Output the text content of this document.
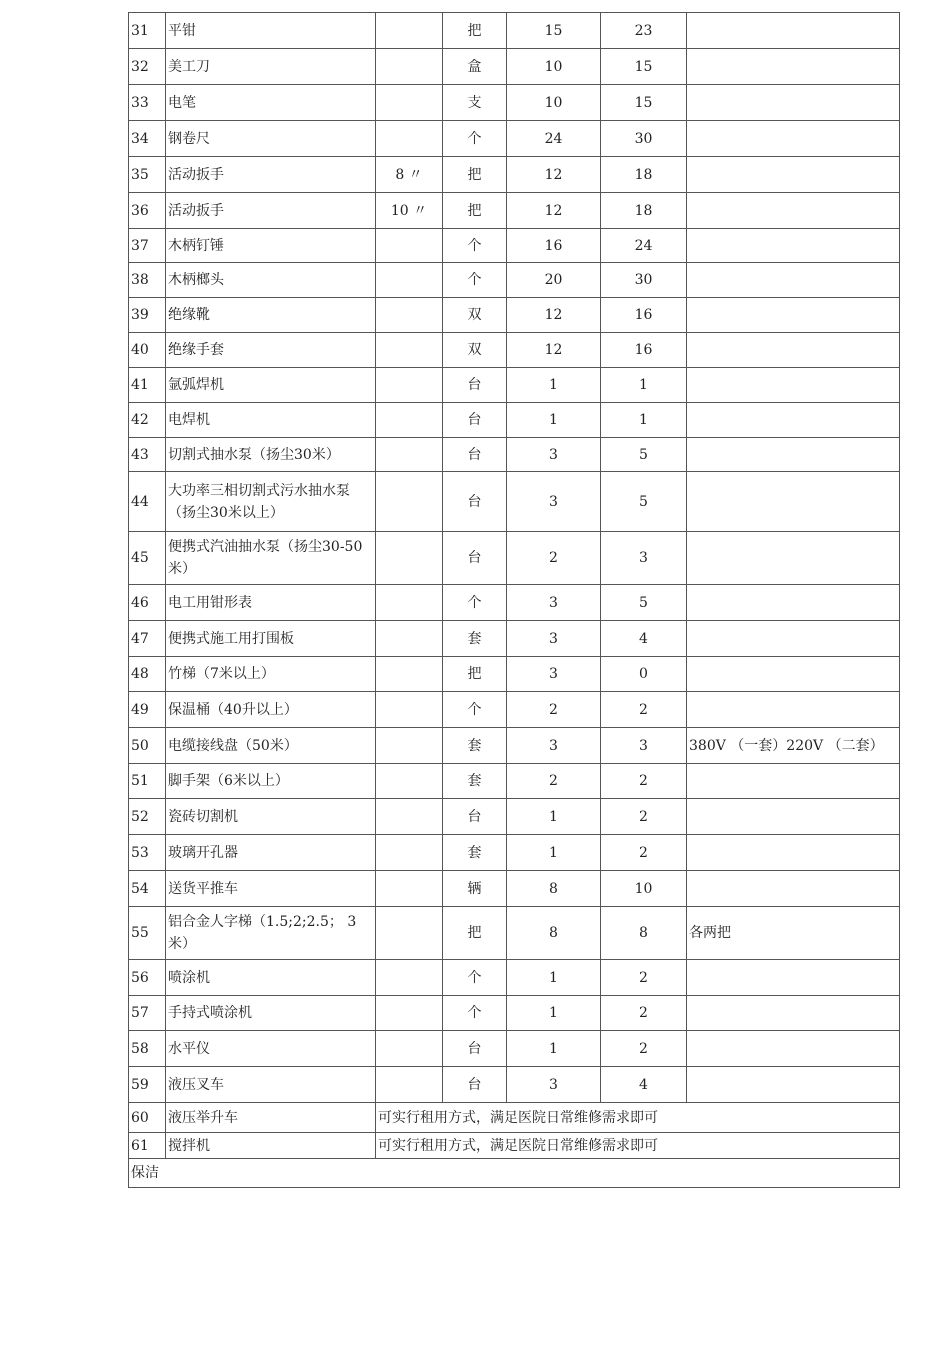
31	平钳		把	15	23	
32	美工刀		盒	10	15	
33	电笔		支	10	15	
34	钢卷尺		个	24	30	
35	活动扳手	8 〃	把	12	18	
36	活动扳手	10 〃	把	12	18	
37	木柄钉锤		个	16	24	
38	木柄榔头		个	20	30	
39	绝缘靴		双	12	16	
40	绝缘手套		双	12	16	
41	氩弧焊机		台	1	1	
42	电焊机		台	1	1	
43	切割式抽水泵（扬尘30米）		台	3	5	
44	大功率三相切割式污水抽水泵（扬尘30米以上）		台	3	5	
45	便携式汽油抽水泵（扬尘30-50 米）		台	2	3	
46	电工用钳形表		个	3	5	
47	便携式施工用打围板		套	3	4	
48	竹梯（7米以上）		把	3	0	
49	保温桶（40升以上）		个	2	2	
50	电缆接线盘（50米）		套	3	3	380V （一套）220V （二套）
51	脚手架（6米以上）		套	2	2	
52	瓷砖切割机		台	1	2	
53	玻璃开孔器		套	1	2	
54	送货平推车		辆	8	10	
55	铝合金人字梯（1.5;2;2.5； 3 米）		把	8	8	各两把
56	喷涂机		个	1	2	
57	手持式喷涂机		个	1	2	
58	水平仪		台	1	2	
59	液压叉车		台	3	4	
60	液压举升车	可实行租用方式，满足医院日常维修需求即可				
61	搅拌机	可实行租用方式，满足医院日常维修需求即可				
保洁						
